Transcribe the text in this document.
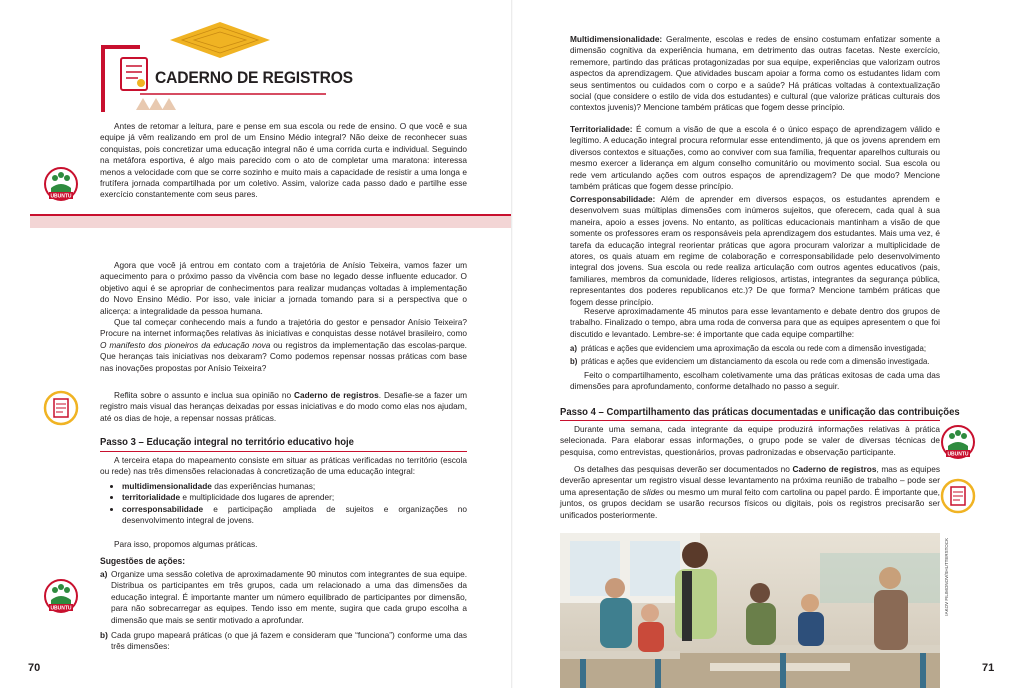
CADERNO DE REGISTROS
UBUNTU
Antes de retomar a leitura, pare e pense em sua escola ou rede de ensino. O que você e sua equipe já vêm realizando em prol de um Ensino Médio integral? Não deixe de reconhecer suas conquistas, pois concretizar uma educação integral não é uma corrida curta e individual. Seguindo na metáfora esportiva, é algo mais parecido com o ato de completar uma maratona: interessa menos a velocidade com que se corre sozinho e muito mais a capacidade de resistir a uma longa e frutífera jornada compartilhada por um coletivo. Assim, valorize cada passo dado e partilhe esse exercício constantemente com seus pares.
Agora que você já entrou em contato com a trajetória de Anísio Teixeira, vamos fazer um aquecimento para o próximo passo da vivência com base no legado desse influente educador. O objetivo aqui é se apropriar de conhecimentos para realizar mudanças voltadas à implementação do Novo Ensino Médio. Por isso, vale iniciar a jornada tomando para si a perspectiva que o alicerça: a integralidade da pessoa humana.
Que tal começar conhecendo mais a fundo a trajetória do gestor e pensador Anísio Teixeira? Procure na internet informações relativas às iniciativas e conquistas desse notável brasileiro, como O manifesto dos pioneiros da educação nova ou registros da implementação das escolas-parque. Que heranças tais iniciativas nos deixaram? Como podemos repensar nossas práticas com base nas inovações propostas por Anísio Teixeira?
Reflita sobre o assunto e inclua sua opinião no Caderno de registros. Desafie-se a fazer um registro mais visual das heranças deixadas por essas iniciativas e do modo como elas nos ajudam, até os dias de hoje, a repensar nossas práticas.
Passo 3 – Educação integral no território educativo hoje
A terceira etapa do mapeamento consiste em situar as práticas verificadas no território (escola ou rede) nas três dimensões relacionadas à concretização de uma educação integral:
• multidimensionalidade das experiências humanas;
• territorialidade e multiplicidade dos lugares de aprender;
• corresponsabilidade e participação ampliada de sujeitos e organizações no desenvolvimento integral de jovens.
Para isso, propomos algumas práticas.
Sugestões de ações:
UBUNTU
a) Organize uma sessão coletiva de aproximadamente 90 minutos com integrantes de sua equipe. Distribua os participantes em três grupos, cada um relacionado a uma das dimensões da educação integral. É importante manter um número equilibrado de participantes por dimensão, para não sobrecarregar as equipes. Tendo isso em mente, sugira que cada grupo escolha a dimensão que mais se sentir motivado a aprofundar.
b) Cada grupo mapeará práticas (o que já fazem e consideram que “funciona”) conforme uma das três dimensões:
70
Multidimensionalidade: Geralmente, escolas e redes de ensino costumam enfatizar somente a dimensão cognitiva da experiência humana, em detrimento das outras facetas. Neste exercício, rememore, partindo das práticas protagonizadas por sua equipe, experiências que valorizam outros aspectos da aprendizagem. Que atividades buscam apoiar a forma como os estudantes lidam com seus sentimentos ou cuidados com o corpo e a saúde? Há práticas voltadas à contextualização social (que considere o estilo de vida dos estudantes) e cultural (que valorize práticas culturais dos contextos juvenis)? Mencione também práticas que fogem desse princípio.
Territorialidade: É comum a visão de que a escola é o único espaço de aprendizagem válido e legítimo. A educação integral procura reformular esse entendimento, já que os jovens aprendem em diversos contextos e situações, como ao conviver com sua família, frequentar aparelhos culturais ou mesmo exercer a liderança em algum conselho comunitário ou movimento social. Sua escola ou rede vem articulando ações com outros espaços de aprendizagem? De que modo? Mencione também práticas que fogem desse princípio.
Corresponsabilidade: Além de aprender em diversos espaços, os estudantes aprendem e desenvolvem suas múltiplas dimensões com inúmeros sujeitos, que oferecem, cada qual à sua maneira, apoio a esses jovens. No entanto, as políticas educacionais mantinham a visão de que somente os professores eram os responsáveis pela aprendizagem dos estudantes. Mais uma vez, é tarefa da educação integral reorientar práticas que agora procuram valorizar a multiplicidade de atores, os quais atuam em regime de colaboração e corresponsabilidade pelo desenvolvimento integral dos jovens. Sua escola ou rede realiza articulação com outros agentes educativos (pais, familiares, membros da comunidade, líderes religiosos, artistas, integrantes da segurança pública, representantes dos poderes republicanos etc.)? De que forma? Mencione também práticas que fogem desse princípio.
Reserve aproximadamente 45 minutos para esse levantamento e debate dentro dos grupos de trabalho. Finalizado o tempo, abra uma roda de conversa para que as equipes apresentem o que foi discutido e levantado. Lembre-se: é importante que cada equipe compartilhe:
a) práticas e ações que evidenciem uma aproximação da escola ou rede com a dimensão investigada;
b) práticas e ações que evidenciem um distanciamento da escola ou rede com a dimensão investigada.
Feito o compartilhamento, escolham coletivamente uma das práticas exitosas de cada uma das dimensões para aprofundamento, conforme detalhado no passo a seguir.
Passo 4 – Compartilhamento das práticas documentadas e unificação das contribuições
Durante uma semana, cada integrante da equipe produzirá informações relativas à prática selecionada. Para elaborar essas informações, o grupo pode se valer de diversas técnicas de pesquisa, como entrevistas, questionários, provas padronizadas e observação participante.
Os detalhes das pesquisas deverão ser documentados no Caderno de registros, mas as equipes deverão apresentar um registro visual desse levantamento na próxima reunião de trabalho – pode ser uma apresentação de slides ou mesmo um mural feito com cartolina ou papel pardo. É importante que, juntos, os grupos decidam se usarão recursos físicos ou digitais, pois os registros precisarão ser unificados posteriormente.
UBUNTU
71
IAKOV FILIMONOV/SHUTTERSTOCK
